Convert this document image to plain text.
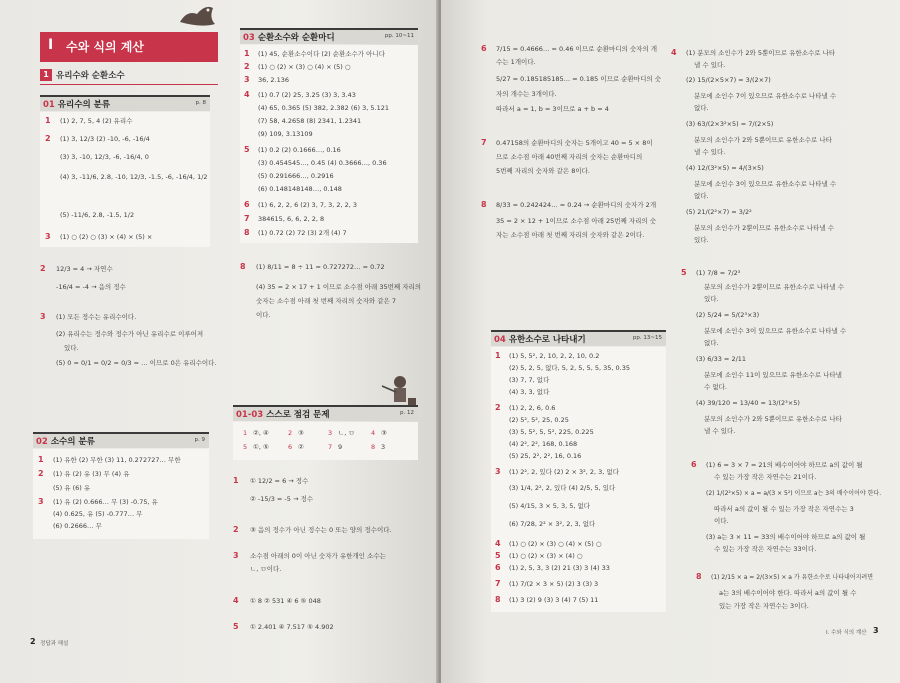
I 수와 식의 계산
1 유리수와 순환소수
01 유리수의 분류	p. 8
1 (1) 2, 7, 5, 4 (2) 유리수
2 (1) 3, 12/3 (2) -10, -6, -16/4
(3) 3, -10, 12/3, -6, -16/4, 0
(4) 3, -11/6, 2.8, -10, 12/3, -1.5, -6, -16/4, 1/2
(5) -11/6, 2.8, -1.5, 1/2
3 (1) ○ (2) ○ (3) × (4) × (5) ×
2 12/3 = 4 → 자연수
-16/4 = -4 → 음의 정수
3 (1) 모든 정수는 유리수이다.
(2) 유리수는 정수와 정수가 아닌 유리수로 이루어져
있다.
(5) 0 = 0/1 = 0/2 = 0/3 = … 이므로 0은 유리수이다.
02 소수의 분류	p. 9
1 (1) 유한 (2) 무한 (3) 11, 0.272727… 무한
2 (1) 유 (2) 유 (3) 무 (4) 유
(5) 유 (6) 유
3 (1) 유 (2) 0.666… 무 (3) -0.75, 유
(4) 0.625, 유 (5) -0.777… 무
(6) 0.2666… 무
03 순환소수와 순환마디	pp. 10~11
1 (1) 45, 순환소수이다 (2) 순환소수가 아니다
2 (1) ○ (2) × (3) ○ (4) × (5) ○
3 36, 2.136
4 (1) 0.7 (2) 25, 3.25 (3) 3, 3.43
(4) 65, 0.365 (5) 382, 2.382 (6) 3, 5.121
(7) 58, 4.2658 (8) 2341, 1.2341
(9) 109, 3.13109
5 (1) 0.2 (2) 0.1666…, 0.16
(3) 0.454545…, 0.45 (4) 0.3666…, 0.36
(5) 0.291666…, 0.2916
(6) 0.148148148…, 0.148
6 (1) 6, 2, 2, 6 (2) 3, 7, 3, 2, 2, 3
7 384615, 6, 6, 2, 2, 8
8 (1) 0.72 (2) 72 (3) 2개 (4) 7
8 (1) 8/11 = 8 ÷ 11 = 0.727272… = 0.72
(4) 35 = 2 × 17 + 1 이므로 소수점 아래 35번째 자리의
숫자는 소수점 아래 첫 번째 자리의 숫자와 같은 7
이다.
01-03 스스로 점검 문제	p. 12
1 ②, ④	2 ③	3 ㄴ, ㅁ	4 ③
5 ①, ⑤	6 ②	7 9	8 3
1 ① 12/2 = 6 → 정수
② -15/3 = -5 → 정수
2 ③ 음의 정수가 아닌 정수는 0 또는 양의 정수이다.
3 소수점 아래의 0이 아닌 숫자가 유한개인 소수는
ㄴ, ㅁ이다.
4 ① 8 ② 531 ④ 6 ⑤ 048
5 ① 2.401 ④ 7.517 ⑤ 4.902
2 정답과 해설
6 7/15 = 0.4666… = 0.46 이므로 순환마디의 숫자의 개
수는 1개이다.
5/27 = 0.185185185… = 0.185 이므로 순환마디의 숫
자의 개수는 3개이다.
따라서 a = 1, b = 3이므로 a + b = 4
7 0.47158의 순환마디의 숫자는 5개이고 40 = 5 × 8이
므로 소수점 아래 40번째 자리의 숫자는 순환마디의
5번째 자리의 숫자와 같은 8이다.
8 8/33 = 0.242424… = 0.24 → 순환마디의 숫자가 2개
35 = 2 × 12 + 1이므로 소수점 아래 25번째 자리의 숫
자는 소수점 아래 첫 번째 자리의 숫자와 같은 2이다.
04 유한소수로 나타내기	pp. 13~15
1 (1) 5, 5², 2, 10, 2, 2, 10, 0.2
(2) 5, 2, 5, 없다, 5, 2, 5, 5, 5, 35, 0.35
(3) 7, 7, 없다
(4) 3, 3, 없다
2 (1) 2, 2, 6, 0.6
(2) 5², 5², 25, 0.25
(3) 5, 5², 5, 5², 225, 0.225
(4) 2², 2², 168, 0.168
(5) 25, 2², 2², 16, 0.16
3 (1) 2², 2, 있다 (2) 2 × 3², 2, 3, 없다
(3) 1/4, 2², 2, 있다 (4) 2/5, 5, 있다
(5) 4/15, 3 × 5, 3, 5, 없다
(6) 7/28, 2² × 3², 2, 3, 없다
4 (1) ○ (2) × (3) ○ (4) × (5) ○
5 (1) ○ (2) × (3) × (4) ○
6 (1) 2, 5, 3, 3 (2) 21 (3) 3 (4) 33
7 (1) 7/(2 × 3 × 5) (2) 3 (3) 3
8 (1) 3 (2) 9 (3) 3 (4) 7 (5) 11
4 (1) 분모의 소인수가 2와 5뿐이므로 유한소수로 나타
낼 수 있다.
(2) 15/(2×5×7) = 3/(2×7)
분모에 소인수 7이 있으므로 유한소수로 나타낼 수
없다.
(3) 63/(2×3²×5) = 7/(2×5)
분모의 소인수가 2와 5뿐이므로 유한소수로 나타
낼 수 있다.
(4) 12/(3²×5) = 4/(3×5)
분모에 소인수 3이 있으므로 유한소수로 나타낼 수
없다.
(5) 21/(2²×7) = 3/2²
분모의 소인수가 2뿐이므로 유한소수로 나타낼 수
있다.
5 (1) 7/8 = 7/2³
분모의 소인수가 2뿐이므로 유한소수로 나타낼 수
있다.
(2) 5/24 = 5/(2³×3)
분모에 소인수 3이 있으므로 유한소수로 나타낼 수
없다.
(3) 6/33 = 2/11
분모에 소인수 11이 있으므로 유한소수로 나타낼
수 없다.
(4) 39/120 = 13/40 = 13/(2³×5)
분모의 소인수가 2와 5뿐이므로 유한소수로 나타
낼 수 있다.
6 (1) 6 = 3 × 7 = 21의 배수이어야 하므로 a의 값이 될
수 있는 가장 작은 자연수는 21이다.
(2) 1/(2²×5) × a = a/(3 × 5²) 이므로 a는 3의 배수이어야 한다.
따라서 a의 값이 될 수 있는 가장 작은 자연수는 3
이다.
(3) a는 3 × 11 = 33의 배수이어야 하므로 a의 값이 될
수 있는 가장 작은 자연수는 33이다.
8 (1) 2/15 × a = 2/(3×5) × a 가 유한소수로 나타내어지려면
a는 3의 배수이어야 한다. 따라서 a의 값이 될 수
있는 가장 작은 자연수는 3이다.
I. 수와 식의 계산 3
